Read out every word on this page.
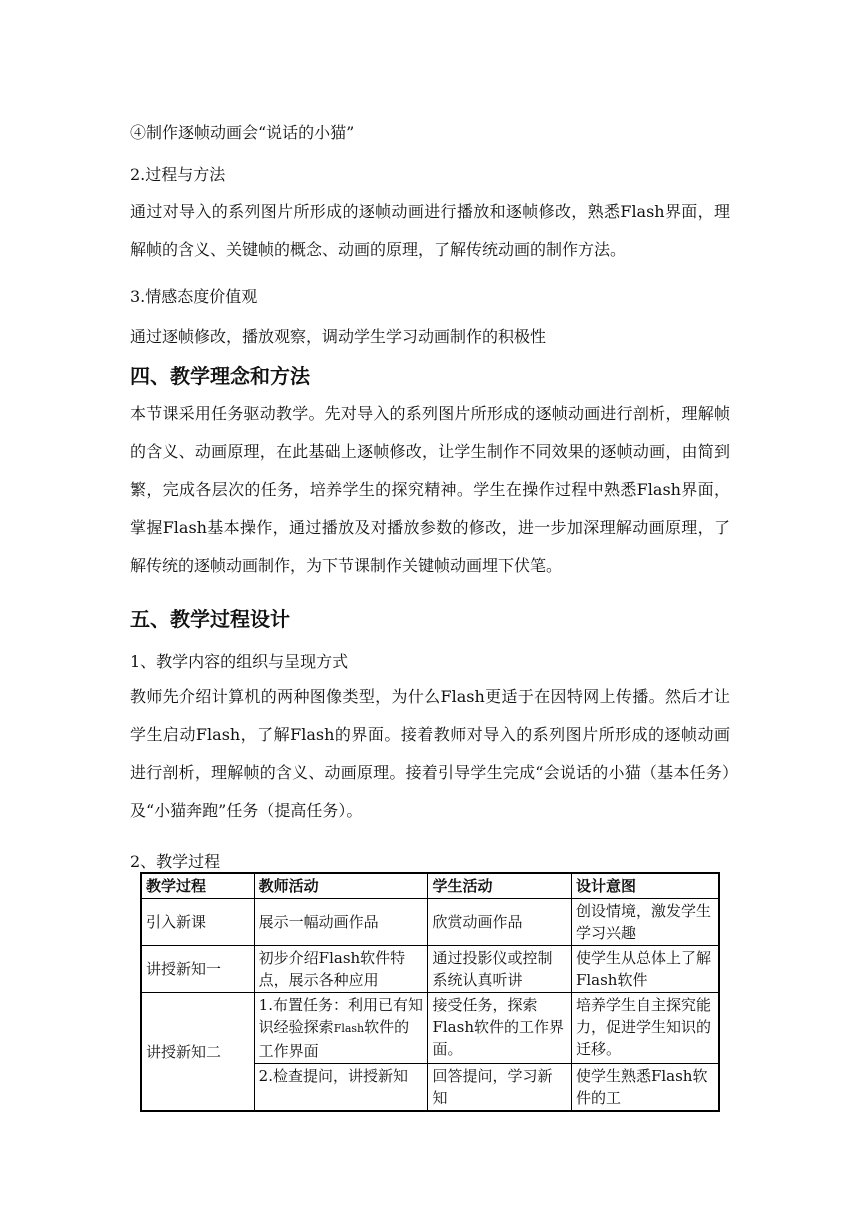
④制作逐帧动画会“说话的小猫”
2.过程与方法
通过对导入的系列图片所形成的逐帧动画进行播放和逐帧修改，熟悉Flash界面，理解帧的含义、关键帧的概念、动画的原理，了解传统动画的制作方法。
3.情感态度价值观
通过逐帧修改，播放观察，调动学生学习动画制作的积极性
四、教学理念和方法
本节课采用任务驱动教学。先对导入的系列图片所形成的逐帧动画进行剖析，理解帧的含义、动画原理，在此基础上逐帧修改，让学生制作不同效果的逐帧动画，由简到繁，完成各层次的任务，培养学生的探究精神。学生在操作过程中熟悉Flash界面，掌握Flash基本操作，通过播放及对播放参数的修改，进一步加深理解动画原理，了解传统的逐帧动画制作，为下节课制作关键帧动画埋下伏笔。
五、教学过程设计
1、教学内容的组织与呈现方式
教师先介绍计算机的两种图像类型，为什么Flash更适于在因特网上传播。然后才让学生启动Flash，了解Flash的界面。接着教师对导入的系列图片所形成的逐帧动画进行剖析，理解帧的含义、动画原理。接着引导学生完成“会说话的小猫（基本任务）及“小猫奔跑”任务（提高任务）。
2、教学过程
教学过程	教师活动	学生活动	设计意图
引入新课	展示一幅动画作品	欣赏动画作品	创设情境，激发学生学习兴趣
讲授新知一	初步介绍Flash软件特点，展示各种应用	通过投影仪或控制系统认真听讲	使学生从总体上了解Flash软件
讲授新知二	1.布置任务：利用已有知识经验探索Flash软件的工作界面	接受任务，探索Flash软件的工作界面。	培养学生自主探究能力，促进学生知识的迁移。
	2.检查提问，讲授新知	回答提问，学习新知	使学生熟悉Flash软件的工
